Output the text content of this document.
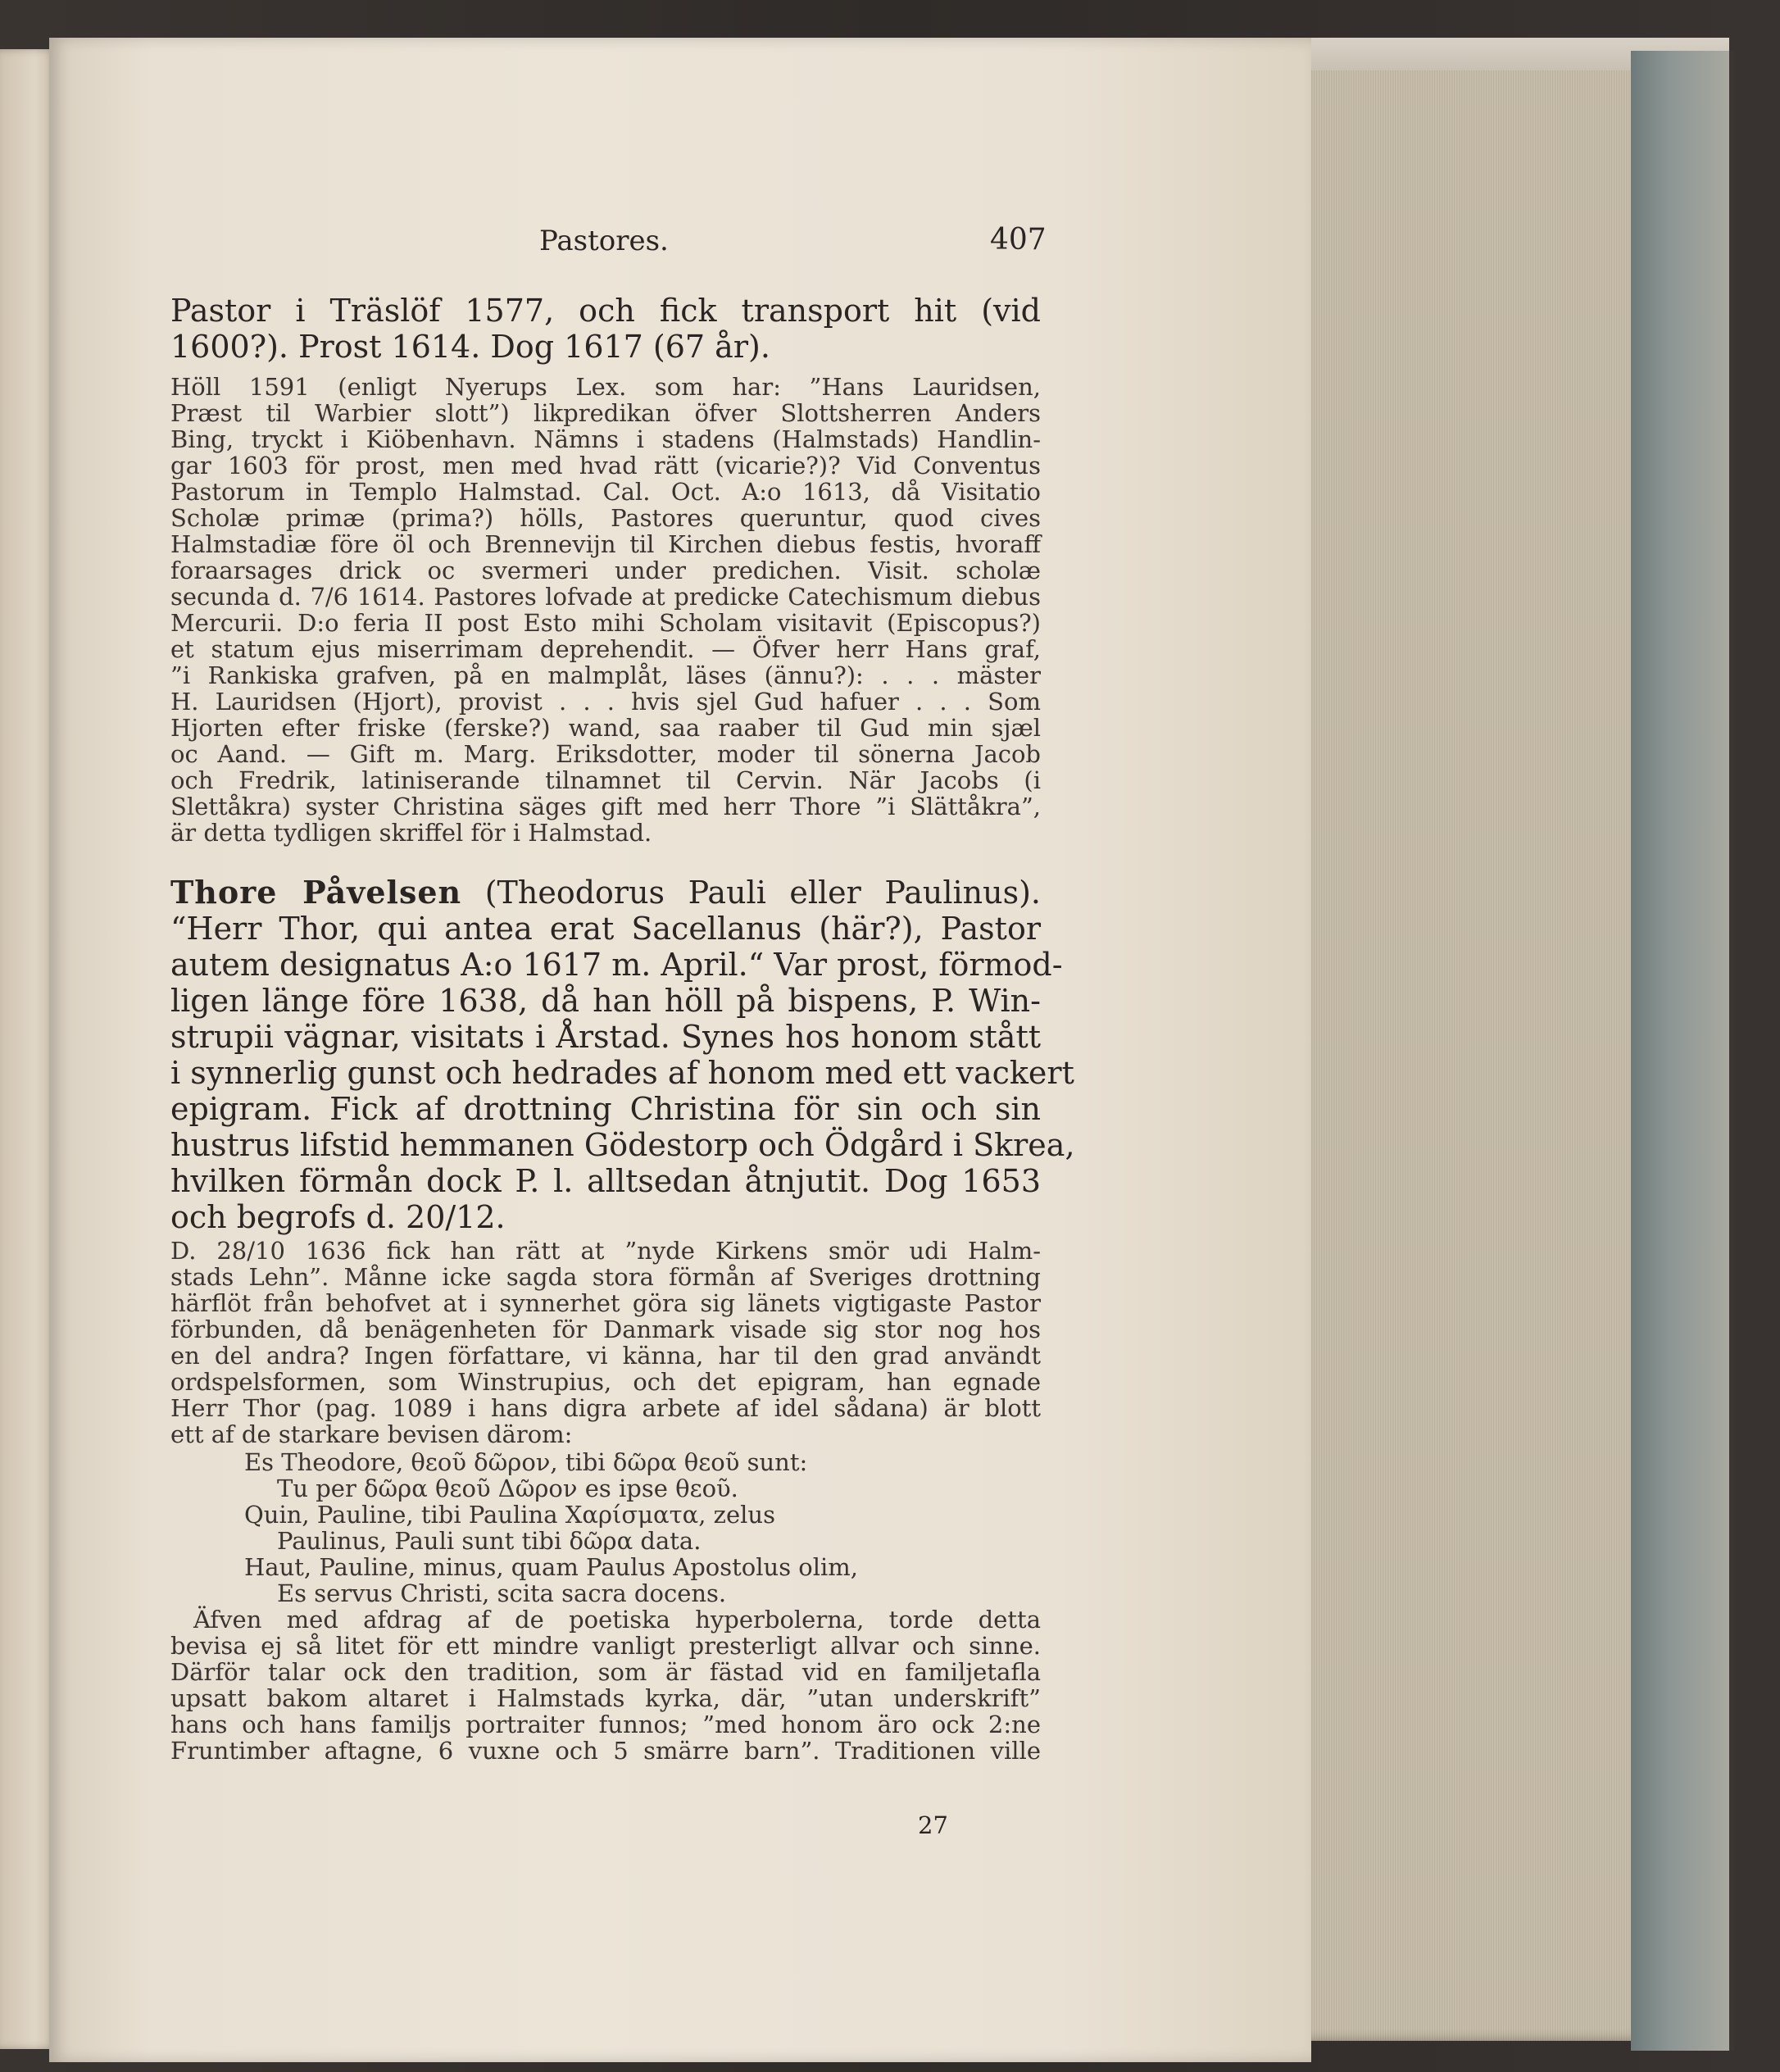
Pastores.	407
Pastor i Träslöf 1577, och fick transport hit (vid
1600?). Prost 1614. Dog 1617 (67 år).
Höll 1591 (enligt Nyerups Lex. som har: ”Hans Lauridsen,
Præst til Warbier slott”) likpredikan öfver Slottsherren Anders
Bing, tryckt i Kiöbenhavn. Nämns i stadens (Halmstads) Handlin-
gar 1603 för prost, men med hvad rätt (vicarie?)? Vid Conventus
Pastorum in Templo Halmstad. Cal. Oct. A:o 1613, då Visitatio
Scholæ primæ (prima?) hölls, Pastores queruntur, quod cives
Halmstadiæ före öl och Brennevijn til Kirchen diebus festis, hvoraff
foraarsages drick oc svermeri under predichen. Visit. scholæ
secunda d. 7/6 1614. Pastores lofvade at predicke Catechismum diebus
Mercurii. D:o feria II post Esto mihi Scholam visitavit (Episcopus?)
et statum ejus miserrimam deprehendit. — Öfver herr Hans graf,
”i Rankiska grafven, på en malmplåt, läses (ännu?): . . . mäster
H. Lauridsen (Hjort), provist . . . hvis sjel Gud hafuer . . . Som
Hjorten efter friske (ferske?) wand, saa raaber til Gud min sjæl
oc Aand. — Gift m. Marg. Eriksdotter, moder til sönerna Jacob
och Fredrik, latiniserande tilnamnet til Cervin. När Jacobs (i
Slettåkra) syster Christina säges gift med herr Thore ”i Slättåkra”,
är detta tydligen skriffel för i Halmstad.
Thore Påvelsen (Theodorus Pauli eller Paulinus).
“Herr Thor, qui antea erat Sacellanus (här?), Pastor
autem designatus A:o 1617 m. April.“ Var prost, förmod-
ligen länge före 1638, då han höll på bispens, P. Win-
strupii vägnar, visitats i Årstad. Synes hos honom stått
i synnerlig gunst och hedrades af honom med ett vackert
epigram. Fick af drottning Christina för sin och sin
hustrus lifstid hemmanen Gödestorp och Ödgård i Skrea,
hvilken förmån dock P. l. alltsedan åtnjutit. Dog 1653
och begrofs d. 20/12.
D. 28/10 1636 fick han rätt at ”nyde Kirkens smör udi Halm-
stads Lehn”. Månne icke sagda stora förmån af Sveriges drottning
härflöt från behofvet at i synnerhet göra sig länets vigtigaste Pastor
förbunden, då benägenheten för Danmark visade sig stor nog hos
en del andra? Ingen författare, vi känna, har til den grad användt
ordspelsformen, som Winstrupius, och det epigram, han egnade
Herr Thor (pag. 1089 i hans digra arbete af idel sådana) är blott
ett af de starkare bevisen därom:
Es Theodore, θεοῦ δῶρον, tibi δῶρα θεοῦ sunt:
Tu per δῶρα θεοῦ Δῶρον es ipse θεοῦ.
Quin, Pauline, tibi Paulina Χαρίσματα, zelus
Paulinus, Pauli sunt tibi δῶρα data.
Haut, Pauline, minus, quam Paulus Apostolus olim,
Es servus Christi, scita sacra docens.
Äfven med afdrag af de poetiska hyperbolerna, torde detta
bevisa ej så litet för ett mindre vanligt presterligt allvar och sinne.
Därför talar ock den tradition, som är fästad vid en familjetafla
upsatt bakom altaret i Halmstads kyrka, där, ”utan underskrift”
hans och hans familjs portraiter funnos; ”med honom äro ock 2:ne
Fruntimber aftagne, 6 vuxne och 5 smärre barn”. Traditionen ville
27
